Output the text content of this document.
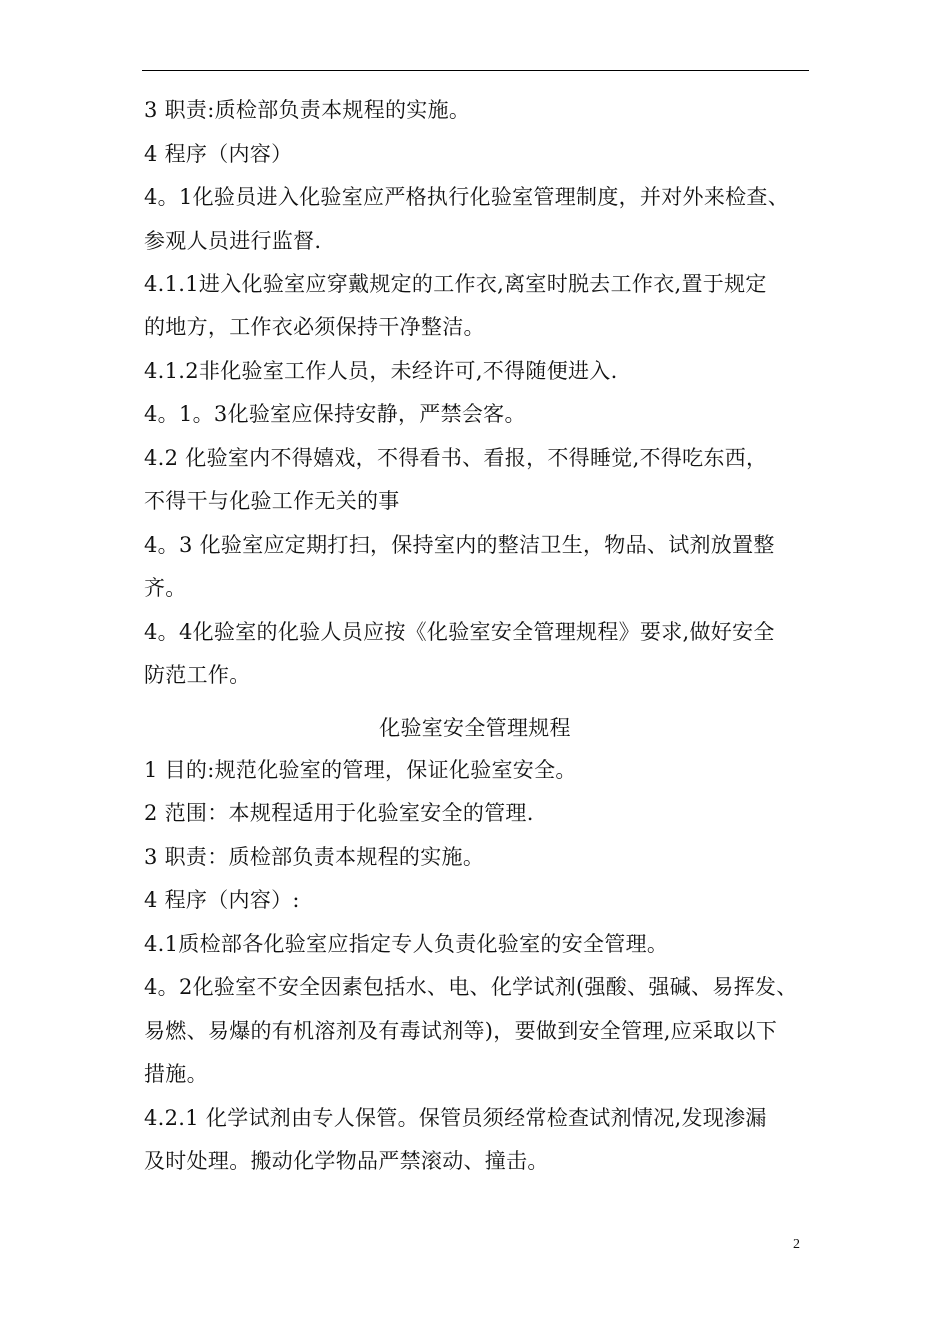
3 职责:质检部负责本规程的实施。
4 程序（内容）
4。1化验员进入化验室应严格执行化验室管理制度，并对外来检查、
参观人员进行监督.
4.1.1进入化验室应穿戴规定的工作衣,离室时脱去工作衣,置于规定
的地方，工作衣必须保持干净整洁。
4.1.2非化验室工作人员，未经许可,不得随便进入.
4。1。3化验室应保持安静，严禁会客。
4.2 化验室内不得嬉戏，不得看书、看报，不得睡觉,不得吃东西，
不得干与化验工作无关的事
4。3 化验室应定期打扫，保持室内的整洁卫生，物品、试剂放置整
齐。
4。4化验室的化验人员应按《化验室安全管理规程》要求,做好安全
防范工作。
化验室安全管理规程
1 目的:规范化验室的管理，保证化验室安全。
2 范围：本规程适用于化验室安全的管理.
3 职责：质检部负责本规程的实施。
4 程序（内容）:
4.1质检部各化验室应指定专人负责化验室的安全管理。
4。2化验室不安全因素包括水、电、化学试剂(强酸、强碱、易挥发、
易燃、易爆的有机溶剂及有毒试剂等)，要做到安全管理,应采取以下
措施。
4.2.1 化学试剂由专人保管。保管员须经常检查试剂情况,发现渗漏
及时处理。搬动化学物品严禁滚动、撞击。
2
